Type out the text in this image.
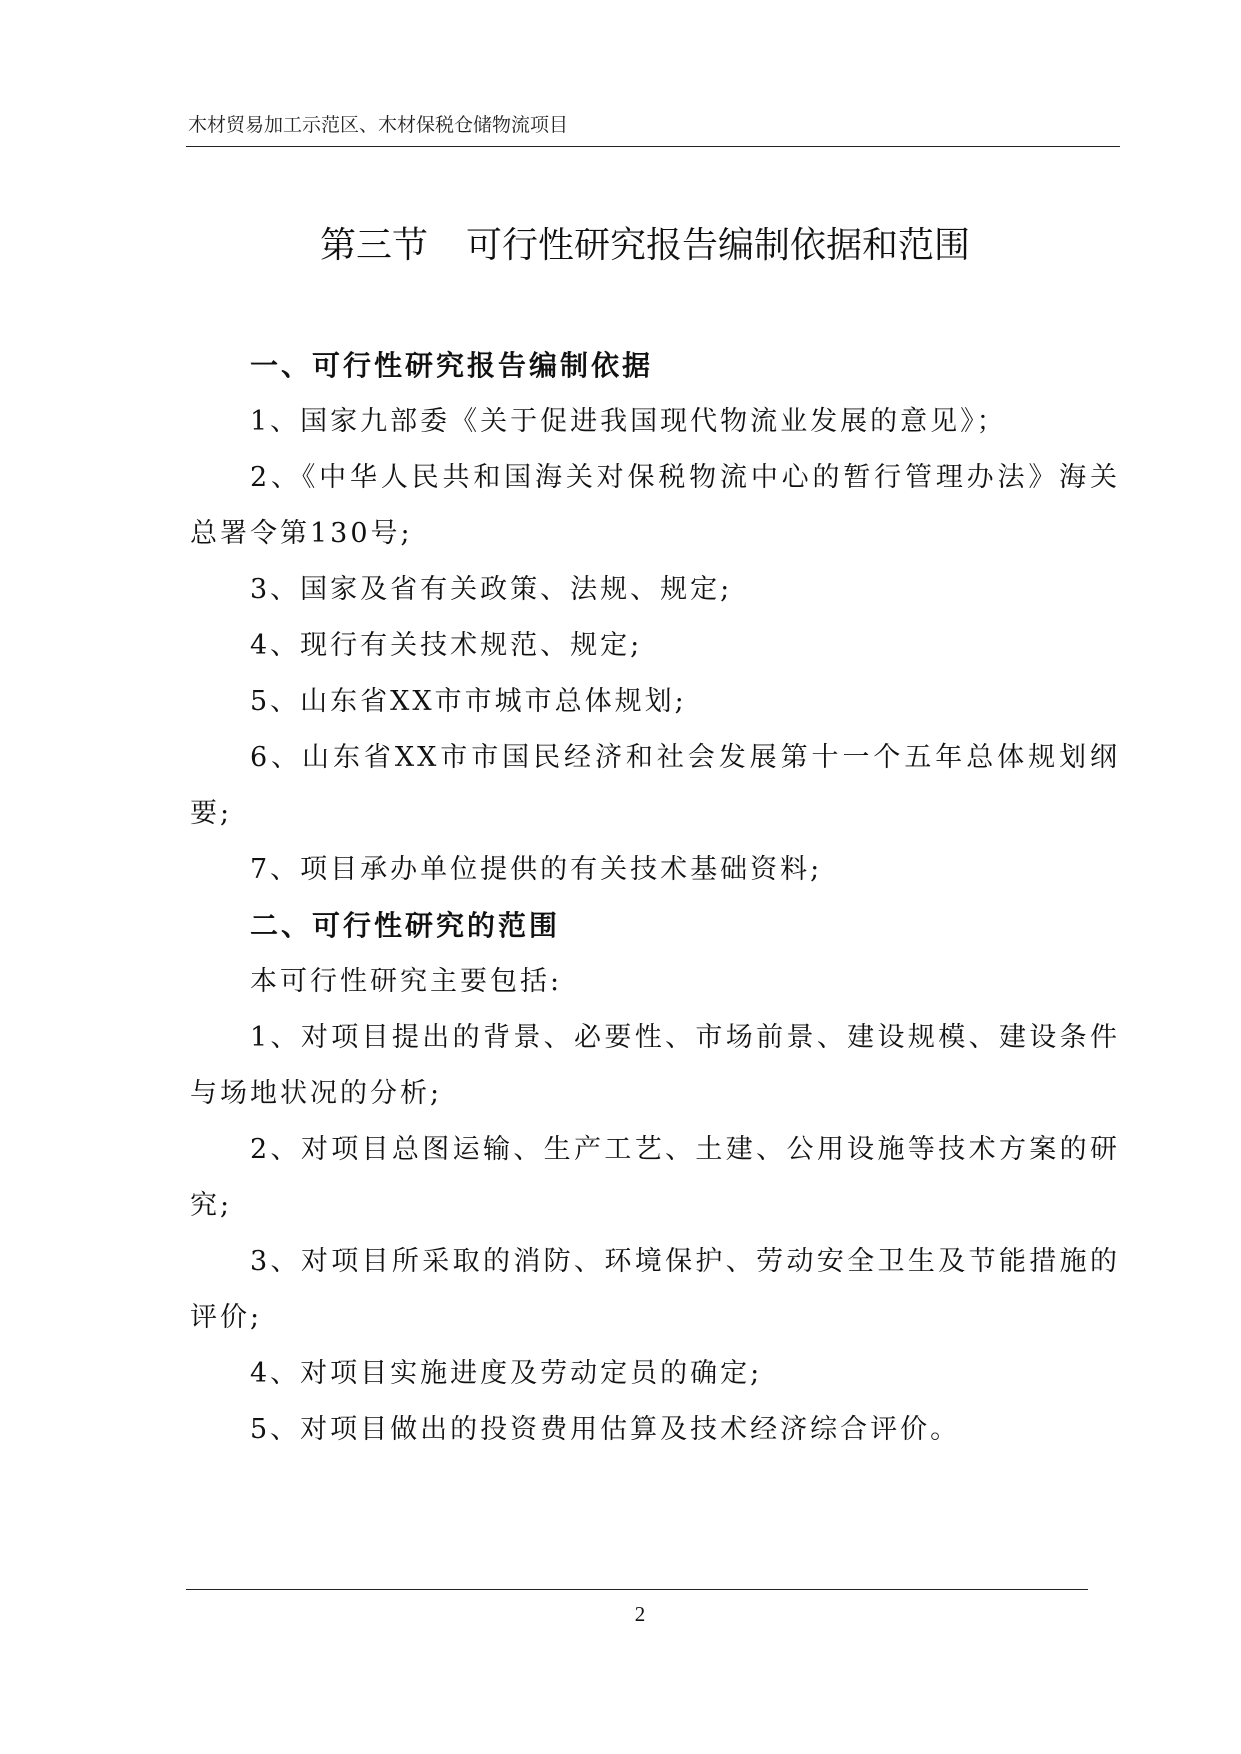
木材贸易加工示范区、木材保税仓储物流项目
第三节 可行性研究报告编制依据和范围
一、可行性研究报告编制依据

1、国家九部委《关于促进我国现代物流业发展的意见》；

2、《中华人民共和国海关对保税物流中心的暂行管理办法》海关总署令第130号;

3、国家及省有关政策、法规、规定;

4、现行有关技术规范、规定;

5、山东省XX市市城市总体规划;

6、山东省XX市市国民经济和社会发展第十一个五年总体规划纲要;

7、项目承办单位提供的有关技术基础资料;

二、可行性研究的范围

本可行性研究主要包括:

1、对项目提出的背景、必要性、市场前景、建设规模、建设条件与场地状况的分析;

2、对项目总图运输、生产工艺、土建、公用设施等技术方案的研究;

3、对项目所采取的消防、环境保护、劳动安全卫生及节能措施的评价;

4、对项目实施进度及劳动定员的确定;

5、对项目做出的投资费用估算及技术经济综合评价。

2
